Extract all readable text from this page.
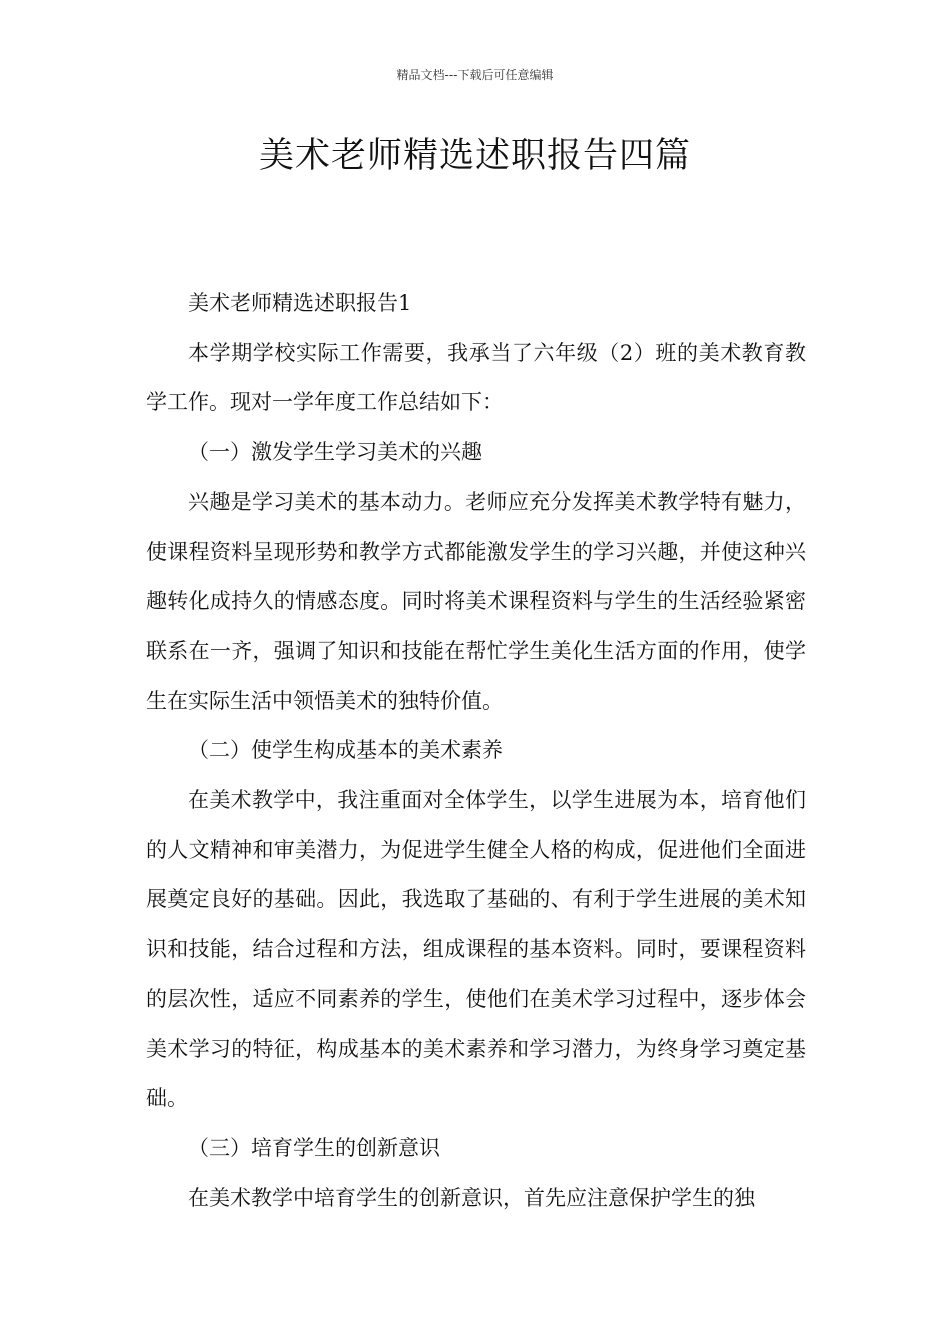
精品文档---下载后可任意编辑
美术老师精选述职报告四篇

美术老师精选述职报告1

本学期学校实际工作需要，我承当了六年级（2）班的美术教育教学工作。现对一学年度工作总结如下：

（一）激发学生学习美术的兴趣

兴趣是学习美术的基本动力。老师应充分发挥美术教学特有魅力，使课程资料呈现形势和教学方式都能激发学生的学习兴趣，并使这种兴趣转化成持久的情感态度。同时将美术课程资料与学生的生活经验紧密联系在一齐，强调了知识和技能在帮忙学生美化生活方面的作用，使学生在实际生活中领悟美术的独特价值。

（二）使学生构成基本的美术素养

在美术教学中，我注重面对全体学生，以学生进展为本，培育他们的人文精神和审美潜力，为促进学生健全人格的构成，促进他们全面进展奠定良好的基础。因此，我选取了基础的、有利于学生进展的美术知识和技能，结合过程和方法，组成课程的基本资料。同时，要课程资料的层次性，适应不同素养的学生，使他们在美术学习过程中，逐步体会美术学习的特征，构成基本的美术素养和学习潜力，为终身学习奠定基础。

（三）培育学生的创新意识

在美术教学中培育学生的创新意识，首先应注意保护学生的独
